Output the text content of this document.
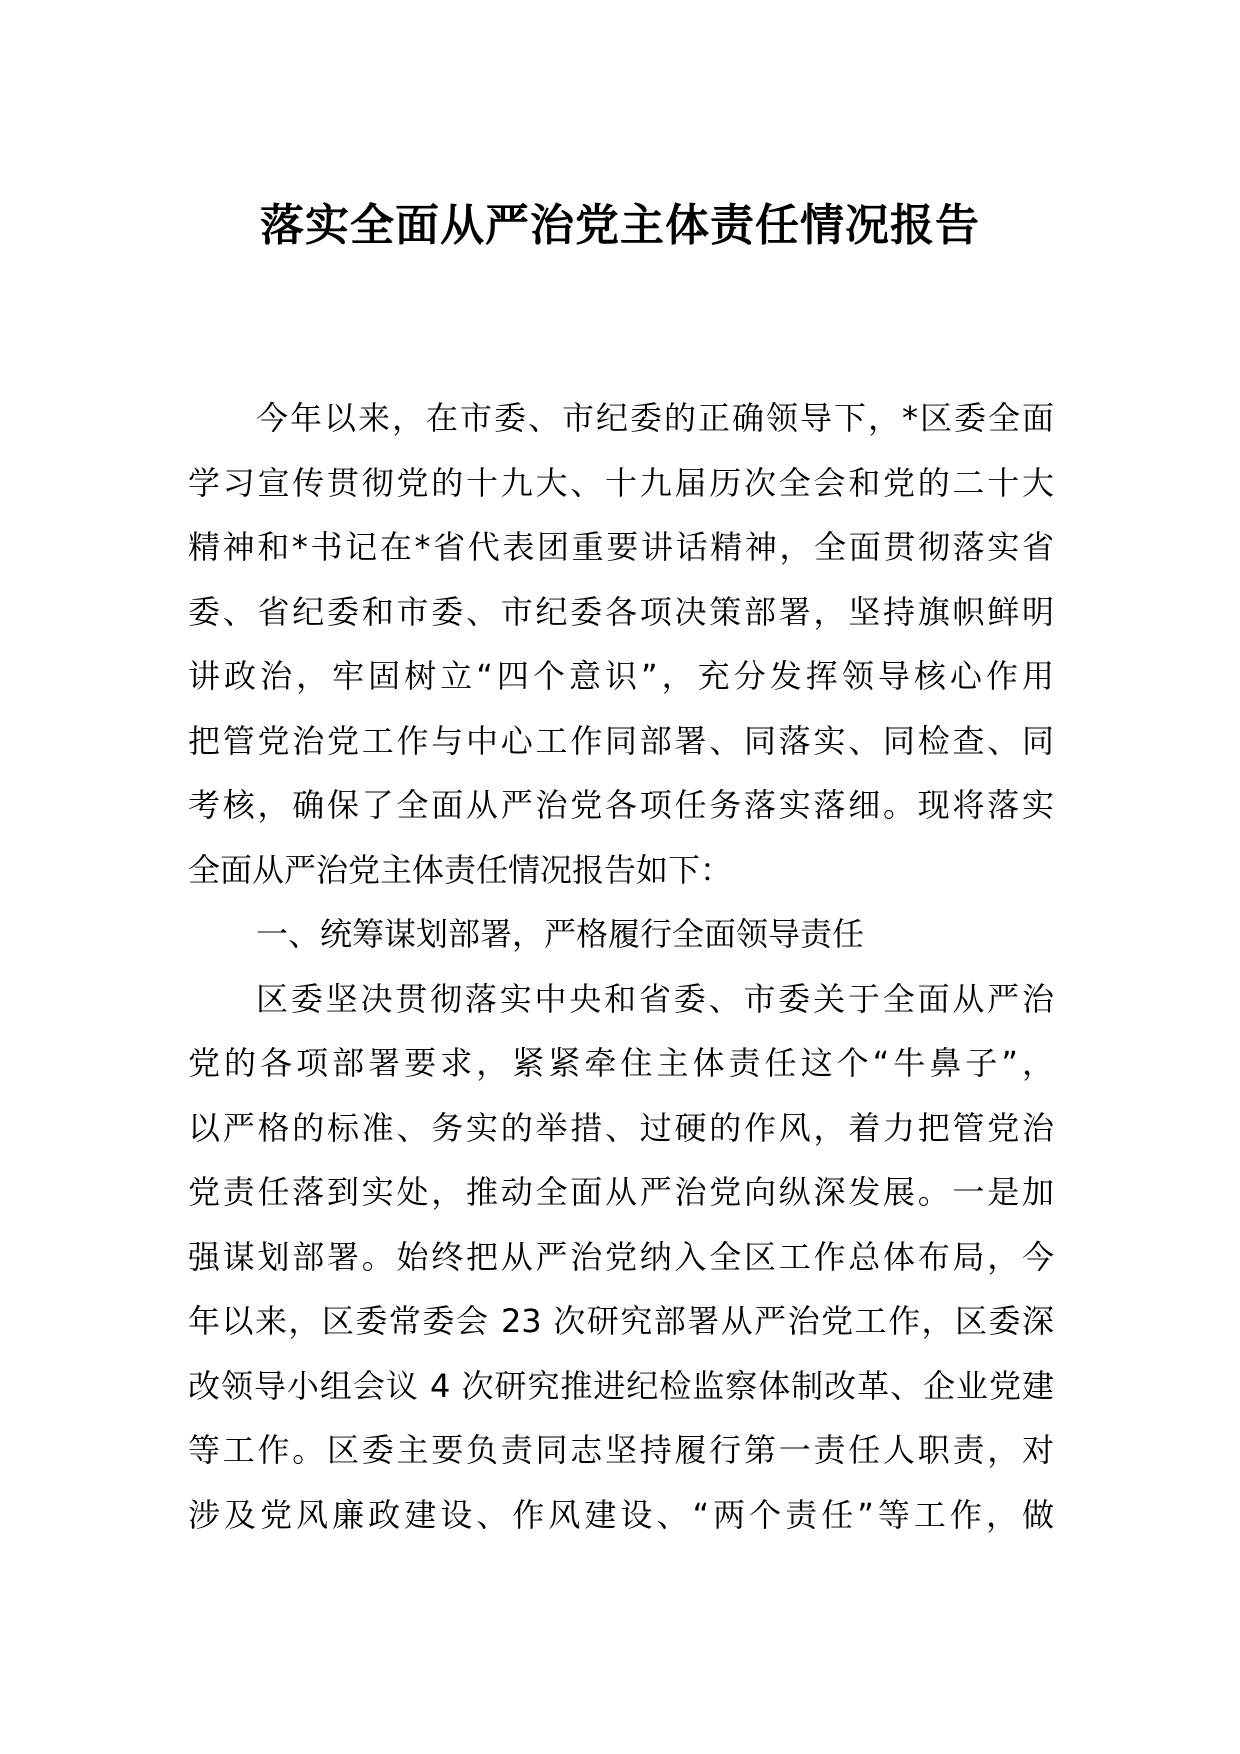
落实全面从严治党主体责任情况报告
今年以来，在市委、市纪委的正确领导下，*区委全面
学习宣传贯彻党的十九大、十九届历次全会和党的二十大
精神和*书记在*省代表团重要讲话精神，全面贯彻落实省
委、省纪委和市委、市纪委各项决策部署，坚持旗帜鲜明
讲政治，牢固树立“四个意识”，充分发挥领导核心作用
把管党治党工作与中心工作同部署、同落实、同检查、同
考核，确保了全面从严治党各项任务落实落细。现将落实
全面从严治党主体责任情况报告如下：
一、统筹谋划部署，严格履行全面领导责任
区委坚决贯彻落实中央和省委、市委关于全面从严治
党的各项部署要求，紧紧牵住主体责任这个“牛鼻子”，
以严格的标准、务实的举措、过硬的作风，着力把管党治
党责任落到实处，推动全面从严治党向纵深发展。一是加
强谋划部署。始终把从严治党纳入全区工作总体布局，今
年以来，区委常委会 23 次研究部署从严治党工作，区委深
改领导小组会议 4 次研究推进纪检监察体制改革、企业党建
等工作。区委主要负责同志坚持履行第一责任人职责，对
涉及党风廉政建设、作风建设、“两个责任”等工作，做
